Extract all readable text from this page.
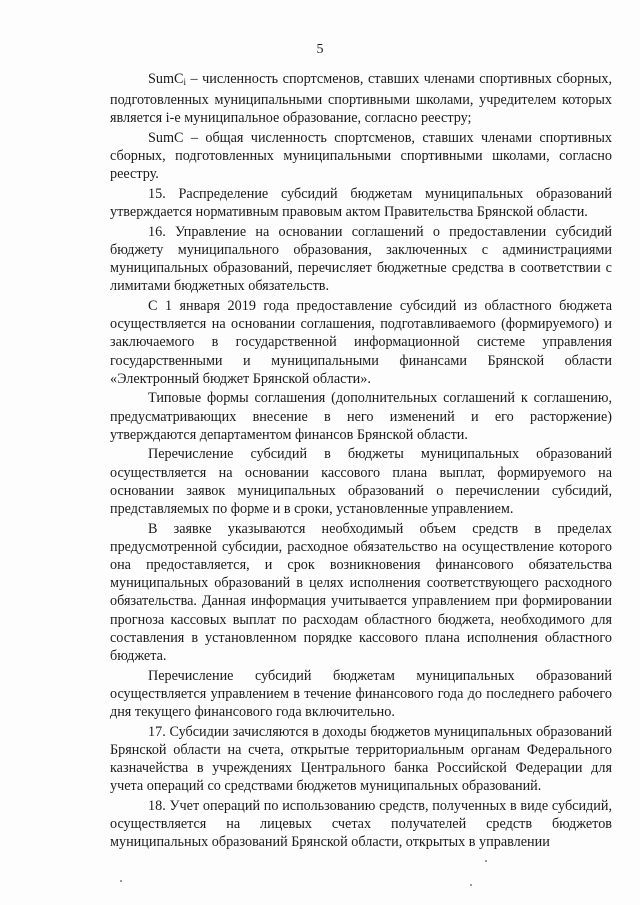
5

SumC$_i$ – численность спортсменов, ставших членами спортивных сборных, подготовленных муниципальными спортивными школами, учредителем которых является i-е муниципальное образование, согласно реестру;

SumC – общая численность спортсменов, ставших членами спортивных сборных, подготовленных муниципальными спортивными школами, согласно реестру.

15. Распределение субсидий бюджетам муниципальных образований утверждается нормативным правовым актом Правительства Брянской области.

16. Управление на основании соглашений о предоставлении субсидий бюджету муниципального образования, заключенных с администрациями муниципальных образований, перечисляет бюджетные средства в соответствии с лимитами бюджетных обязательств.

С 1 января 2019 года предоставление субсидий из областного бюджета осуществляется на основании соглашения, подготавливаемого (формируемого) и заключаемого в государственной информационной системе управления государственными и муниципальными финансами Брянской области «Электронный бюджет Брянской области».

Типовые формы соглашения (дополнительных соглашений к соглашению, предусматривающих внесение в него изменений и его расторжение) утверждаются департаментом финансов Брянской области.

Перечисление субсидий в бюджеты муниципальных образований осуществляется на основании кассового плана выплат, формируемого на основании заявок муниципальных образований о перечислении субсидий, представляемых по форме и в сроки, установленные управлением.

В заявке указываются необходимый объем средств в пределах предусмотренной субсидии, расходное обязательство на осуществление которого она предоставляется, и срок возникновения финансового обязательства муниципальных образований в целях исполнения соответствующего расходного обязательства. Данная информация учитывается управлением при формировании прогноза кассовых выплат по расходам областного бюджета, необходимого для составления в установленном порядке кассового плана исполнения областного бюджета.

Перечисление субсидий бюджетам муниципальных образований осуществляется управлением в течение финансового года до последнего рабочего дня текущего финансового года включительно.

17. Субсидии зачисляются в доходы бюджетов муниципальных образований Брянской области на счета, открытые территориальным органам Федерального казначейства в учреждениях Центрального банка Российской Федерации для учета операций со средствами бюджетов муниципальных образований.

18. Учет операций по использованию средств, полученных в виде субсидий, осуществляется на лицевых счетах получателей средств бюджетов муниципальных образований Брянской области, открытых в управлении
